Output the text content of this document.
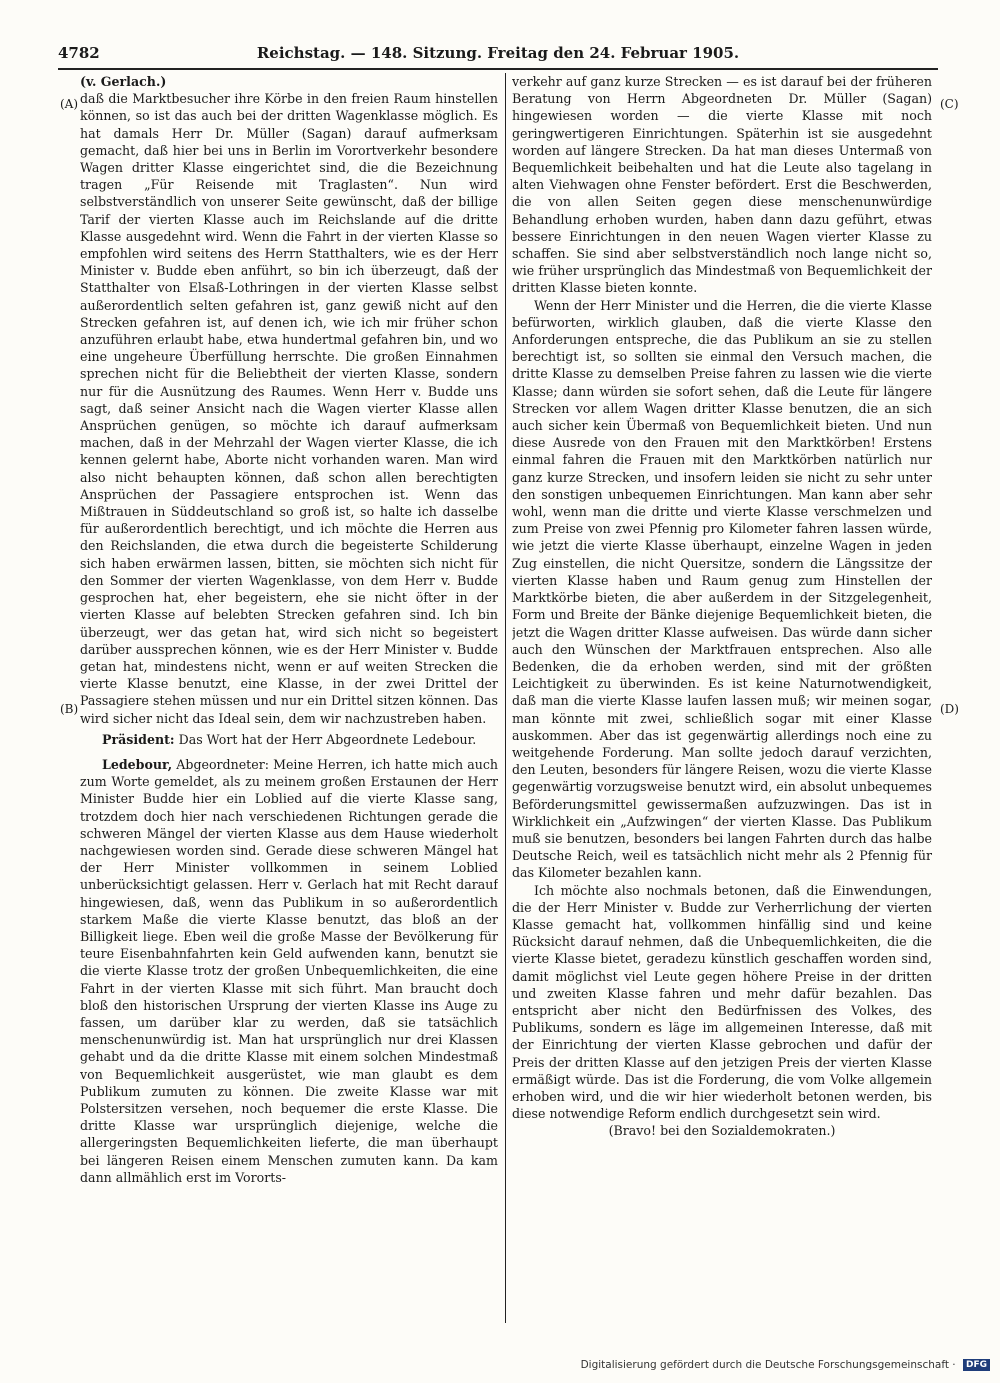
4782	Reichstag. — 148. Sitzung. Freitag den 24. Februar 1905.
(A)
(B)
(C)
(D)

(v. Gerlach.)

daß die Marktbesucher ihre Körbe in den freien Raum hinstellen können, so ist das auch bei der dritten Wagenklasse möglich. Es hat damals Herr Dr. Müller (Sagan) darauf aufmerksam gemacht, daß hier bei uns in Berlin im Vorortverkehr besondere Wagen dritter Klasse eingerichtet sind, die die Bezeichnung tragen „Für Reisende mit Traglasten“. Nun wird selbstverständlich von unserer Seite gewünscht, daß der billige Tarif der vierten Klasse auch im Reichslande auf die dritte Klasse ausgedehnt wird. Wenn die Fahrt in der vierten Klasse so empfohlen wird seitens des Herrn Statthalters, wie es der Herr Minister v. Budde eben anführt, so bin ich überzeugt, daß der Statthalter von Elsaß-Lothringen in der vierten Klasse selbst außerordentlich selten gefahren ist, ganz gewiß nicht auf den Strecken gefahren ist, auf denen ich, wie ich mir früher schon anzuführen erlaubt habe, etwa hundertmal gefahren bin, und wo eine ungeheure Überfüllung herrschte. Die großen Einnahmen sprechen nicht für die Beliebtheit der vierten Klasse, sondern nur für die Ausnützung des Raumes. Wenn Herr v. Budde uns sagt, daß seiner Ansicht nach die Wagen vierter Klasse allen Ansprüchen genügen, so möchte ich darauf aufmerksam machen, daß in der Mehrzahl der Wagen vierter Klasse, die ich kennen gelernt habe, Aborte nicht vorhanden waren. Man wird also nicht behaupten können, daß schon allen berechtigten Ansprüchen der Passagiere entsprochen ist. Wenn das Mißtrauen in Süddeutschland so groß ist, so halte ich dasselbe für außerordentlich berechtigt, und ich möchte die Herren aus den Reichslanden, die etwa durch die begeisterte Schilderung sich haben erwärmen lassen, bitten, sie möchten sich nicht für den Sommer der vierten Wagenklasse, von dem Herr v. Budde gesprochen hat, eher begeistern, ehe sie nicht öfter in der vierten Klasse auf belebten Strecken gefahren sind. Ich bin überzeugt, wer das getan hat, wird sich nicht so begeistert darüber aussprechen können, wie es der Herr Minister v. Budde getan hat, mindestens nicht, wenn er auf weiten Strecken die vierte Klasse benutzt, eine Klasse, in der zwei Drittel der Passagiere stehen müssen und nur ein Drittel sitzen können. Das wird sicher nicht das Ideal sein, dem wir nachzustreben haben.

Präsident: Das Wort hat der Herr Abgeordnete Ledebour.

Ledebour, Abgeordneter: Meine Herren, ich hatte mich auch zum Worte gemeldet, als zu meinem großen Erstaunen der Herr Minister Budde hier ein Loblied auf die vierte Klasse sang, trotzdem doch hier nach verschiedenen Richtungen gerade die schweren Mängel der vierten Klasse aus dem Hause wiederholt nachgewiesen worden sind. Gerade diese schweren Mängel hat der Herr Minister vollkommen in seinem Loblied unberücksichtigt gelassen. Herr v. Gerlach hat mit Recht darauf hingewiesen, daß, wenn das Publikum in so außerordentlich starkem Maße die vierte Klasse benutzt, das bloß an der Billigkeit liege. Eben weil die große Masse der Bevölkerung für teure Eisenbahnfahrten kein Geld aufwenden kann, benutzt sie die vierte Klasse trotz der großen Unbequemlichkeiten, die eine Fahrt in der vierten Klasse mit sich führt. Man braucht doch bloß den historischen Ursprung der vierten Klasse ins Auge zu fassen, um darüber klar zu werden, daß sie tatsächlich menschenunwürdig ist. Man hat ursprünglich nur drei Klassen gehabt und da die dritte Klasse mit einem solchen Mindestmaß von Bequemlichkeit ausgerüstet, wie man glaubt es dem Publikum zumuten zu können. Die zweite Klasse war mit Polstersitzen versehen, noch bequemer die erste Klasse. Die dritte Klasse war ursprünglich diejenige, welche die allergeringsten Bequemlichkeiten lieferte, die man überhaupt bei längeren Reisen einem Menschen zumuten kann. Da kam dann allmählich erst im Vororts-

verkehr auf ganz kurze Strecken — es ist darauf bei der früheren Beratung von Herrn Abgeordneten Dr. Müller (Sagan) hingewiesen worden — die vierte Klasse mit noch geringwertigeren Einrichtungen. Späterhin ist sie ausgedehnt worden auf längere Strecken. Da hat man dieses Untermaß von Bequemlichkeit beibehalten und hat die Leute also tagelang in alten Viehwagen ohne Fenster befördert. Erst die Beschwerden, die von allen Seiten gegen diese menschenunwürdige Behandlung erhoben wurden, haben dann dazu geführt, etwas bessere Einrichtungen in den neuen Wagen vierter Klasse zu schaffen. Sie sind aber selbstverständlich noch lange nicht so, wie früher ursprünglich das Mindestmaß von Bequemlichkeit der dritten Klasse bieten konnte.

Wenn der Herr Minister und die Herren, die die vierte Klasse befürworten, wirklich glauben, daß die vierte Klasse den Anforderungen entspreche, die das Publikum an sie zu stellen berechtigt ist, so sollten sie einmal den Versuch machen, die dritte Klasse zu demselben Preise fahren zu lassen wie die vierte Klasse; dann würden sie sofort sehen, daß die Leute für längere Strecken vor allem Wagen dritter Klasse benutzen, die an sich auch sicher kein Übermaß von Bequemlichkeit bieten. Und nun diese Ausrede von den Frauen mit den Marktkörben! Erstens einmal fahren die Frauen mit den Marktkörben natürlich nur ganz kurze Strecken, und insofern leiden sie nicht zu sehr unter den sonstigen unbequemen Einrichtungen. Man kann aber sehr wohl, wenn man die dritte und vierte Klasse verschmelzen und zum Preise von zwei Pfennig pro Kilometer fahren lassen würde, wie jetzt die vierte Klasse überhaupt, einzelne Wagen in jeden Zug einstellen, die nicht Quersitze, sondern die Längssitze der vierten Klasse haben und Raum genug zum Hinstellen der Marktkörbe bieten, die aber außerdem in der Sitzgelegenheit, Form und Breite der Bänke diejenige Bequemlichkeit bieten, die jetzt die Wagen dritter Klasse aufweisen. Das würde dann sicher auch den Wünschen der Marktfrauen entsprechen. Also alle Bedenken, die da erhoben werden, sind mit der größten Leichtigkeit zu überwinden. Es ist keine Naturnotwendigkeit, daß man die vierte Klasse laufen lassen muß; wir meinen sogar, man könnte mit zwei, schließlich sogar mit einer Klasse auskommen. Aber das ist gegenwärtig allerdings noch eine zu weitgehende Forderung. Man sollte jedoch darauf verzichten, den Leuten, besonders für längere Reisen, wozu die vierte Klasse gegenwärtig vorzugsweise benutzt wird, ein absolut unbequemes Beförderungsmittel gewissermaßen aufzuzwingen. Das ist in Wirklichkeit ein „Aufzwingen“ der vierten Klasse. Das Publikum muß sie benutzen, besonders bei langen Fahrten durch das halbe Deutsche Reich, weil es tatsächlich nicht mehr als 2 Pfennig für das Kilometer bezahlen kann.

Ich möchte also nochmals betonen, daß die Einwendungen, die der Herr Minister v. Budde zur Verherrlichung der vierten Klasse gemacht hat, vollkommen hinfällig sind und keine Rücksicht darauf nehmen, daß die Unbequemlichkeiten, die die vierte Klasse bietet, geradezu künstlich geschaffen worden sind, damit möglichst viel Leute gegen höhere Preise in der dritten und zweiten Klasse fahren und mehr dafür bezahlen. Das entspricht aber nicht den Bedürfnissen des Volkes, des Publikums, sondern es läge im allgemeinen Interesse, daß mit der Einrichtung der vierten Klasse gebrochen und dafür der Preis der dritten Klasse auf den jetzigen Preis der vierten Klasse ermäßigt würde. Das ist die Forderung, die vom Volke allgemein erhoben wird, und die wir hier wiederholt betonen werden, bis diese notwendige Reform endlich durchgesetzt sein wird.

(Bravo! bei den Sozialdemokraten.)

Digitalisierung gefördert durch die Deutsche Forschungsgemeinschaft · DFG
